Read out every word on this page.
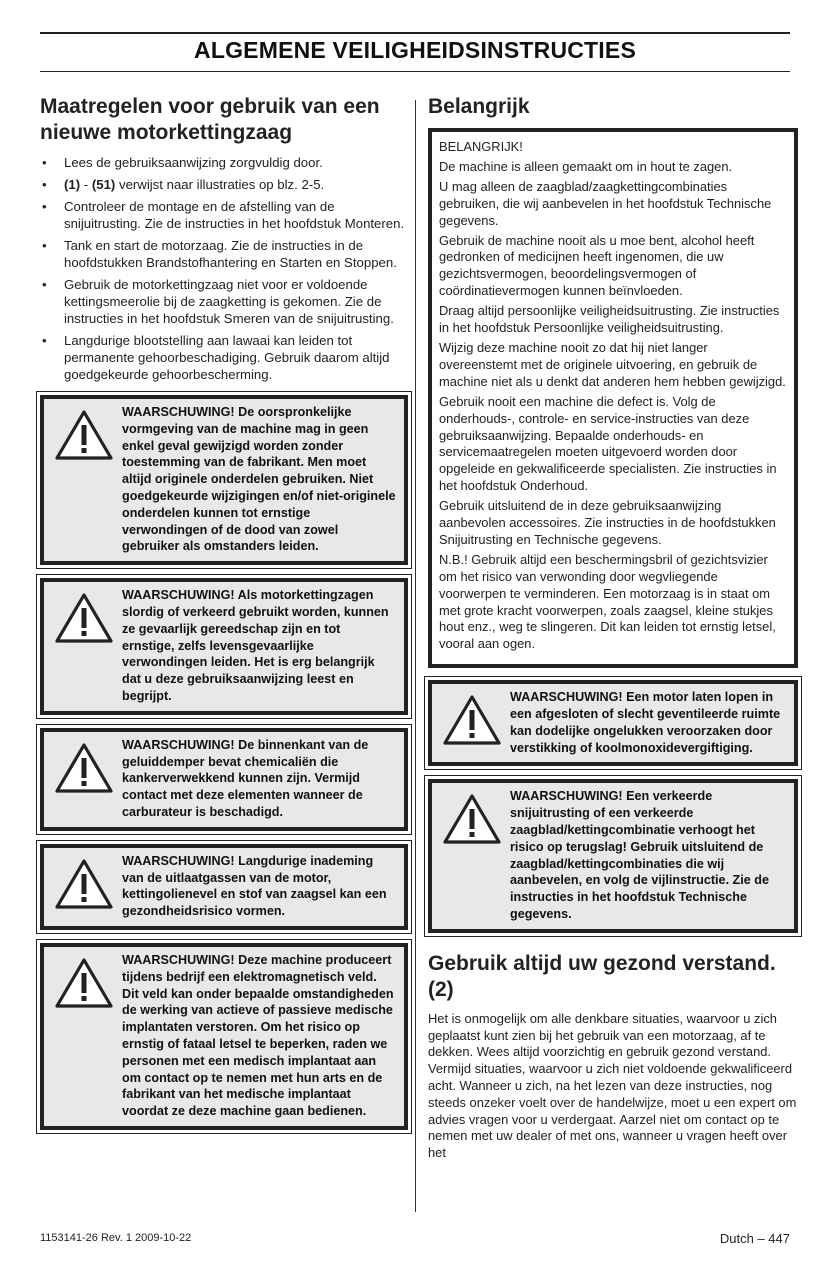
ALGEMENE VEILIGHEIDSINSTRUCTIES
Maatregelen voor gebruik van een nieuwe motorkettingzaag
• Lees de gebruiksaanwijzing zorgvuldig door.
• (1) - (51) verwijst naar illustraties op blz. 2-5.
• Controleer de montage en de afstelling van de snijuitrusting. Zie de instructies in het hoofdstuk Monteren.
• Tank en start de motorzaag. Zie de instructies in de hoofdstukken Brandstofhantering en Starten en Stoppen.
• Gebruik de motorkettingzaag niet voor er voldoende kettingsmeerolie bij de zaagketting is gekomen. Zie de instructies in het hoofdstuk Smeren van de snijuitrusting.
• Langdurige blootstelling aan lawaai kan leiden tot permanente gehoorbeschadiging. Gebruik daarom altijd goedgekeurde gehoorbescherming.
WAARSCHUWING! De oorspronkelijke vormgeving van de machine mag in geen enkel geval gewijzigd worden zonder toestemming van de fabrikant. Men moet altijd originele onderdelen gebruiken. Niet goedgekeurde wijzigingen en/of niet-originele onderdelen kunnen tot ernstige verwondingen of de dood van zowel gebruiker als omstanders leiden.
WAARSCHUWING! Als motorkettingzagen slordig of verkeerd gebruikt worden, kunnen ze gevaarlijk gereedschap zijn en tot ernstige, zelfs levensgevaarlijke verwondingen leiden. Het is erg belangrijk dat u deze gebruiksaanwijzing leest en begrijpt.
WAARSCHUWING! De binnenkant van de geluiddemper bevat chemicaliën die kankerverwekkend kunnen zijn. Vermijd contact met deze elementen wanneer de carburateur is beschadigd.
WAARSCHUWING! Langdurige inademing van de uitlaatgassen van de motor, kettingolienevel en stof van zaagsel kan een gezondheidsrisico vormen.
WAARSCHUWING! Deze machine produceert tijdens bedrijf een elektromagnetisch veld. Dit veld kan onder bepaalde omstandigheden de werking van actieve of passieve medische implantaten verstoren. Om het risico op ernstig of fataal letsel te beperken, raden we personen met een medisch implantaat aan om contact op te nemen met hun arts en de fabrikant van het medische implantaat voordat ze deze machine gaan bedienen.
Belangrijk

BELANGRIJK!

De machine is alleen gemaakt om in hout te zagen.

U mag alleen de zaagblad/zaagkettingcombinaties gebruiken, die wij aanbevelen in het hoofdstuk Technische gegevens.

Gebruik de machine nooit als u moe bent, alcohol heeft gedronken of medicijnen heeft ingenomen, die uw gezichtsvermogen, beoordelingsvermogen of coördinatievermogen kunnen beïnvloeden.

Draag altijd persoonlijke veiligheidsuitrusting. Zie instructies in het hoofdstuk Persoonlijke veiligheidsuitrusting.

Wijzig deze machine nooit zo dat hij niet langer overeenstemt met de originele uitvoering, en gebruik de machine niet als u denkt dat anderen hem hebben gewijzigd.

Gebruik nooit een machine die defect is. Volg de onderhouds-, controle- en service-instructies van deze gebruiksaanwijzing. Bepaalde onderhouds- en servicemaatregelen moeten uitgevoerd worden door opgeleide en gekwalificeerde specialisten. Zie instructies in het hoofdstuk Onderhoud.

Gebruik uitsluitend de in deze gebruiksaanwijzing aanbevolen accessoires. Zie instructies in de hoofdstukken Snijuitrusting en Technische gegevens.

N.B.! Gebruik altijd een beschermingsbril of gezichtsvizier om het risico van verwonding door wegvliegende voorwerpen te verminderen. Een motorzaag is in staat om met grote kracht voorwerpen, zoals zaagsel, kleine stukjes hout enz., weg te slingeren. Dit kan leiden tot ernstig letsel, vooral aan ogen.

WAARSCHUWING! Een motor laten lopen in een afgesloten of slecht geventileerde ruimte kan dodelijke ongelukken veroorzaken door verstikking of koolmonoxidevergiftiging.
WAARSCHUWING! Een verkeerde snijuitrusting of een verkeerde zaagblad/kettingcombinatie verhoogt het risico op terugslag! Gebruik uitsluitend de zaagblad/kettingcombinaties die wij aanbevelen, en volg de vijlinstructie. Zie de instructies in het hoofdstuk Technische gegevens.
Gebruik altijd uw gezond verstand. (2)

Het is onmogelijk om alle denkbare situaties, waarvoor u zich geplaatst kunt zien bij het gebruik van een motorzaag, af te dekken. Wees altijd voorzichtig en gebruik gezond verstand. Vermijd situaties, waarvoor u zich niet voldoende gekwalificeerd acht. Wanneer u zich, na het lezen van deze instructies, nog steeds onzeker voelt over de handelwijze, moet u een expert om advies vragen voor u verdergaat. Aarzel niet om contact op te nemen met uw dealer of met ons, wanneer u vragen heeft over het

1153141-26 Rev. 1 2009-10-22	Dutch – 447
